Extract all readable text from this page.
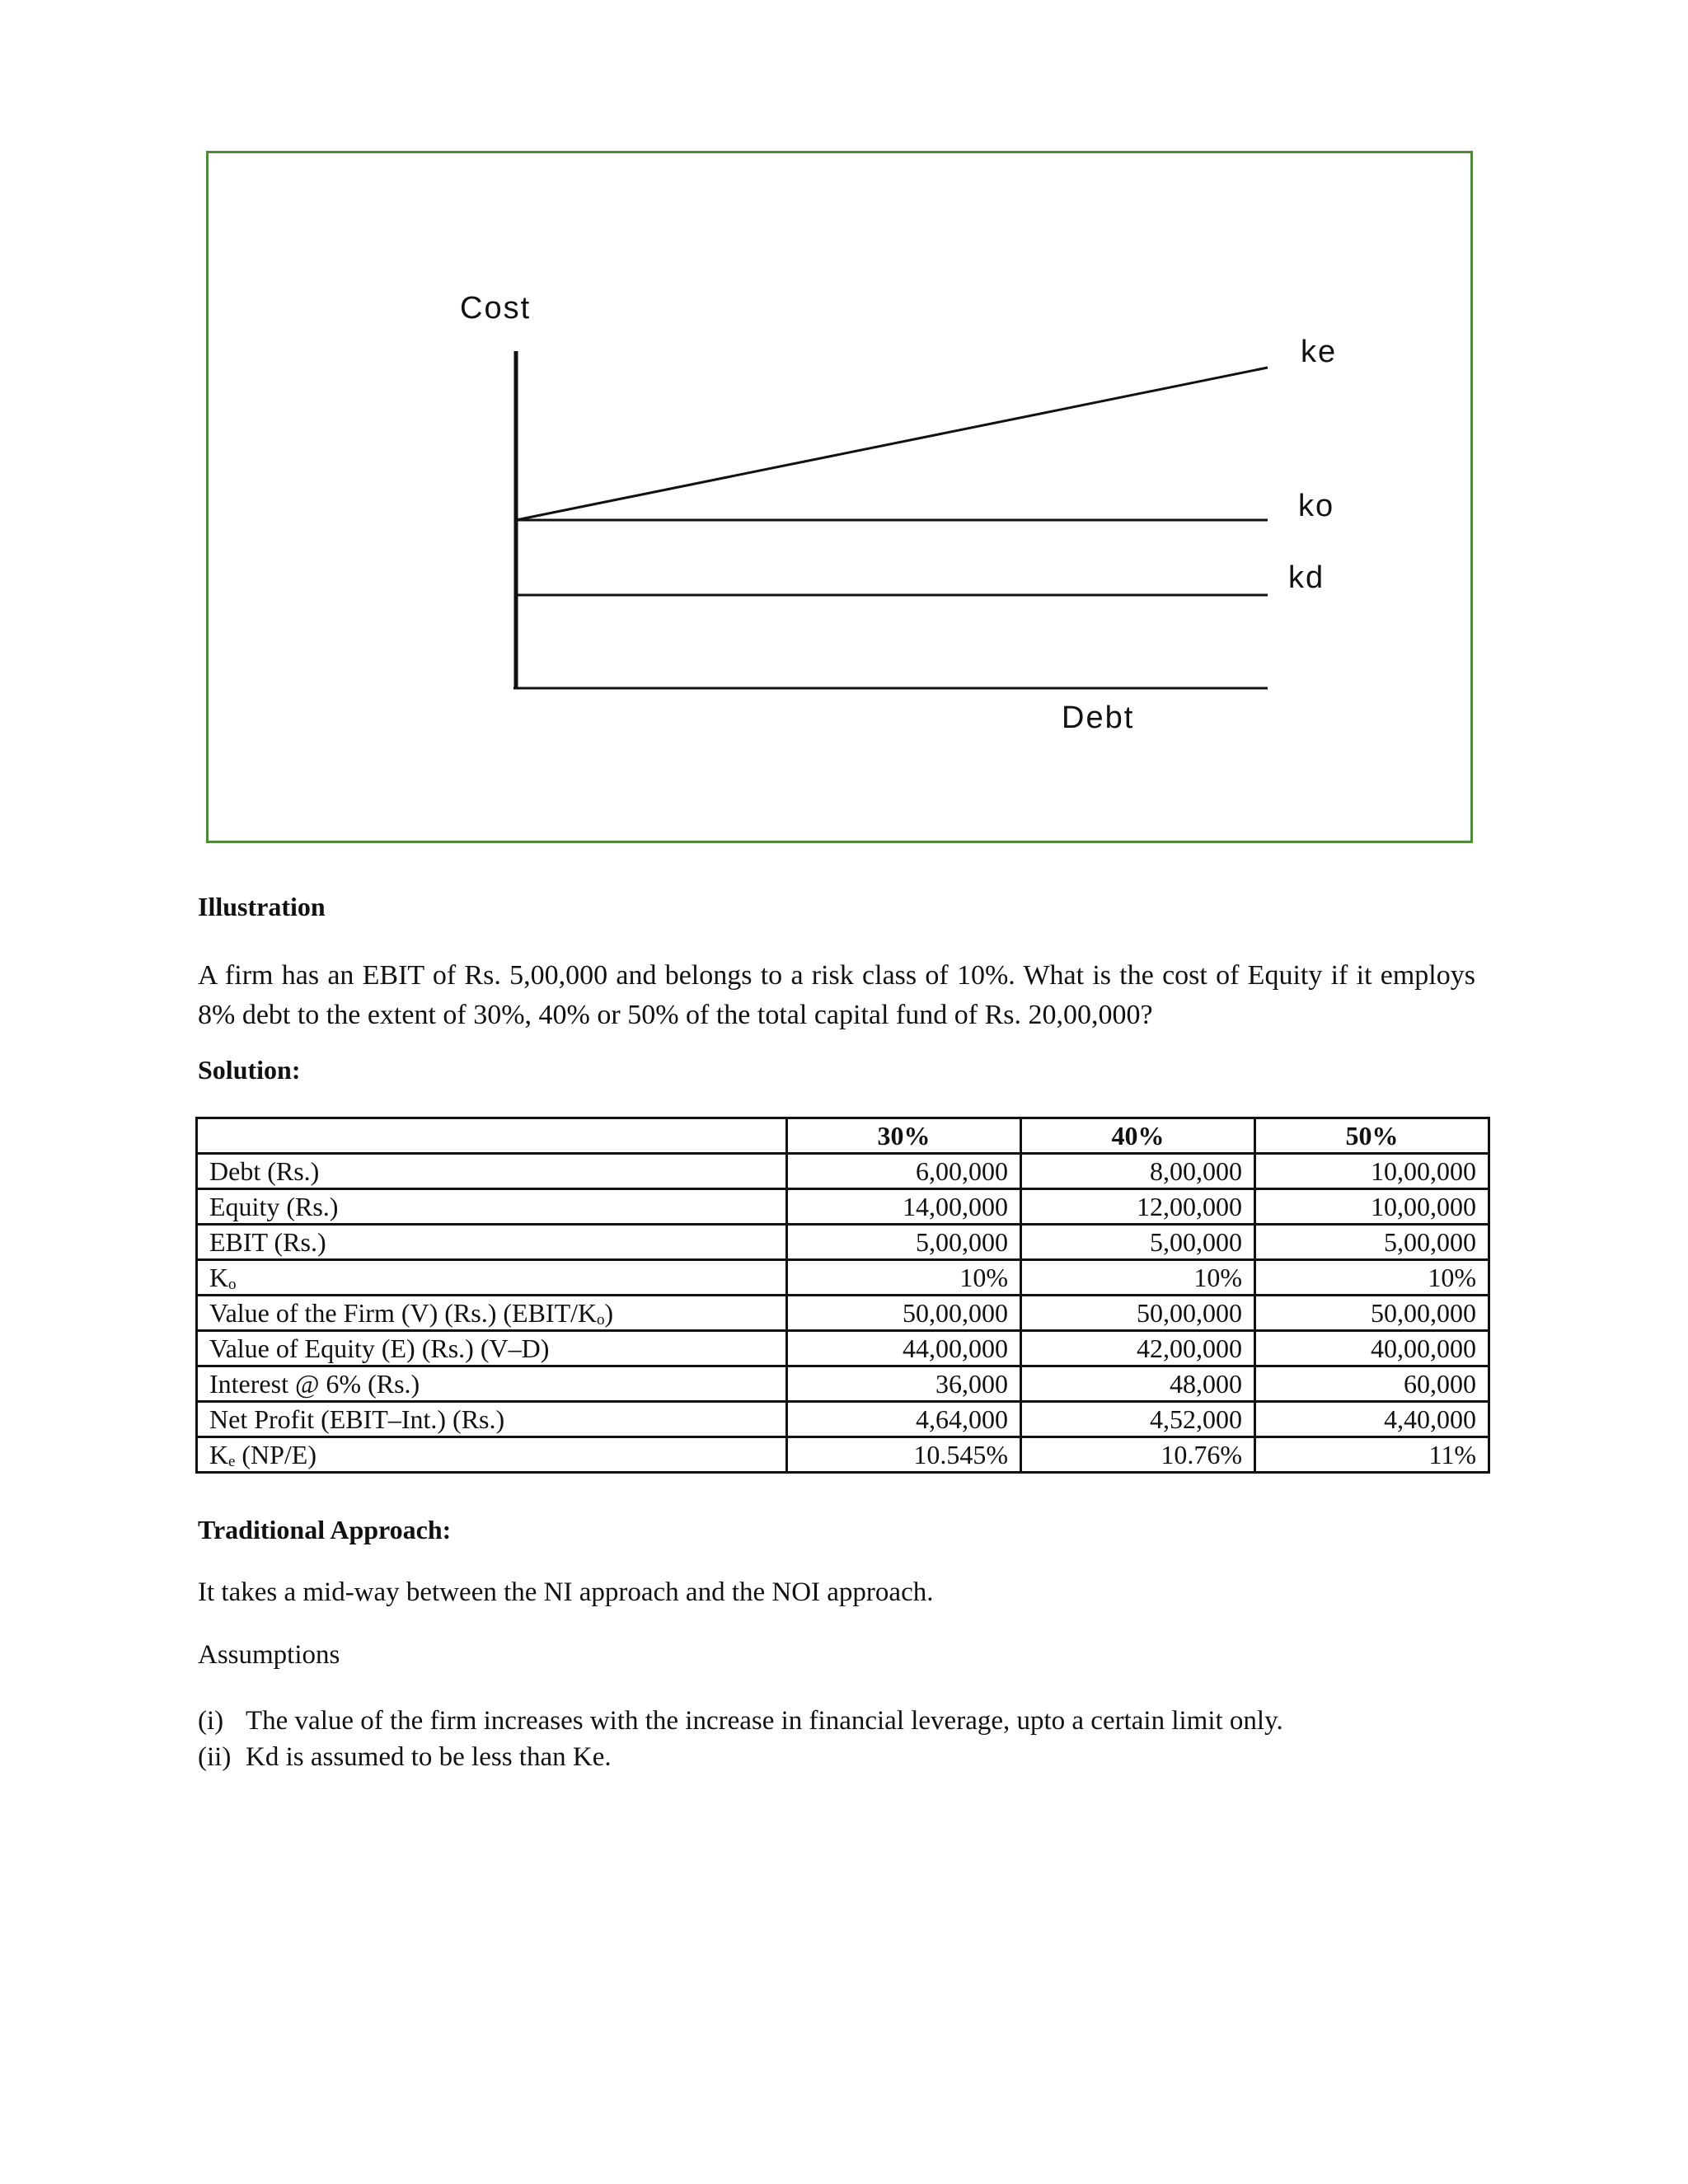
Cost
ke
ko
kd
Debt
Illustration
A firm has an EBIT of Rs. 5,00,000 and belongs to a risk class of 10%. What is the cost of Equity if it employs 8% debt to the extent of 30%, 40% or 50% of the total capital fund of Rs. 20,00,000?
Solution:
	30%	40%	50%
Debt (Rs.)	6,00,000	8,00,000	10,00,000
Equity (Rs.)	14,00,000	12,00,000	10,00,000
EBIT (Rs.)	5,00,000	5,00,000	5,00,000
Kₒ	10%	10%	10%
Value of the Firm (V) (Rs.) (EBIT/Kₒ)	50,00,000	50,00,000	50,00,000
Value of Equity (E) (Rs.) (V–D)	44,00,000	42,00,000	40,00,000
Interest @ 6% (Rs.)	36,000	48,000	60,000
Net Profit (EBIT–Int.) (Rs.)	4,64,000	4,52,000	4,40,000
Kₑ (NP/E)	10.545%	10.76%	11%
Traditional Approach:
It takes a mid-way between the NI approach and the NOI approach.
Assumptions
(i) The value of the firm increases with the increase in financial leverage, upto a certain limit only.
(ii) Kd is assumed to be less than Ke.
